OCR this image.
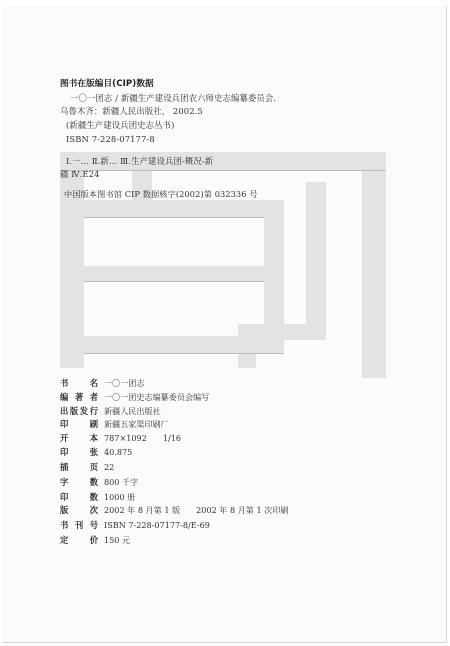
图书在版编目(CIP)数据
一〇一团志 / 新疆生产建设兵团农六师史志编纂委员会.
乌鲁木齐：新疆人民出版社， 2002.5
(新疆生产建设兵团史志丛书)
ISBN 7-228-07177-8
Ⅰ.一… Ⅱ.新… Ⅲ.生产建设兵团-概况-新
疆 Ⅳ.E24
中国版本图书馆 CIP 数据核字(2002)第 032336 号
书名 一〇一团志
编著者 一〇一团史志编纂委员会编写
出版发行 新疆人民出版社
印刷 新疆五家渠印刷厂
开本 787×1092 1/16
印张 40.875
插页 22
字数 800 千字
印数 1000 册
版次 2002 年 8 月第 1 版 2002 年 8 月第 1 次印刷
书刊号 ISBN 7-228-07177-8/E-69
定价 150 元
